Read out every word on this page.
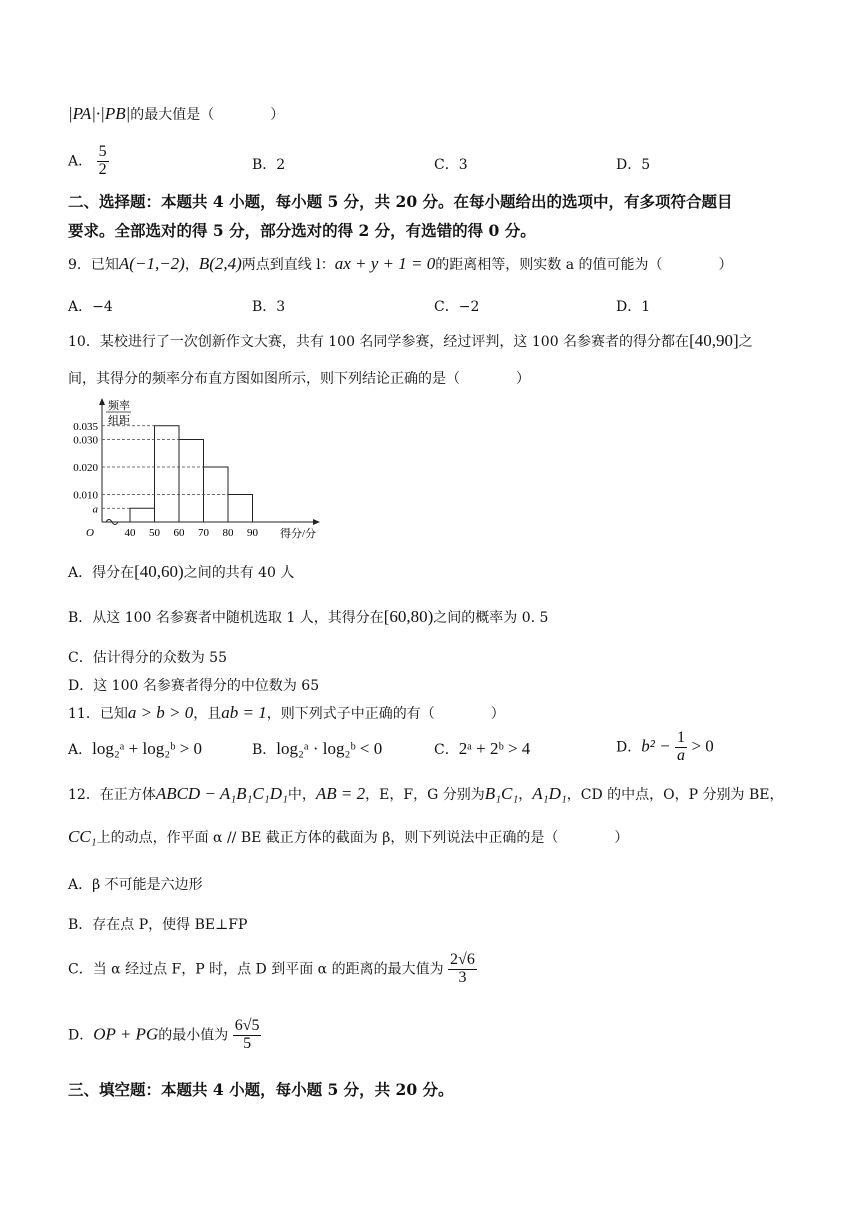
|PA|·|PB|的最大值是（　　　　）
A． $\frac{5}{2}$	B．2	C．3	D．5
二、选择题：本题共 4 小题，每小题 5 分，共 20 分。在每小题给出的选项中，有多项符合题目
要求。全部选对的得 5 分，部分选对的得 2 分，有选错的得 0 分。
9．已知A(−1,−2)，B(2,4)两点到直线 l：ax + y + 1 = 0的距离相等，则实数 a 的值可能为（　　　　）
A．−4	B．3	C．−2	D．1
10．某校进行了一次创新作文大赛，共有 100 名同学参赛，经过评判，这 100 名参赛者的得分都在[40,90]之
间，其得分的频率分布直方图如图所示，则下列结论正确的是（　　　　）
频率
组距
0.035
0.030
0.020
0.010
a
40 50 60 70 80 90
O	得分/分
A．得分在[40,60)之间的共有 40 人
B．从这 100 名参赛者中随机选取 1 人，其得分在[60,80)之间的概率为 0. 5
C．估计得分的众数为 55
D．这 100 名参赛者得分的中位数为 65
11．已知a > b > 0，且ab = 1，则下列式子中正确的有（　　　　）
A．log₂ᵃ + log₂ᵇ > 0	B．log₂ᵃ · log₂ᵇ < 0	C．2ᵃ + 2ᵇ > 4	D．$b^2 - \frac{1}{a} > 0$
12．在正方体ABCD − A₁B₁C₁D₁中，AB = 2，E，F，G 分别为B₁C₁，A₁D₁，CD 的中点，O，P 分别为 BE，
CC₁上的动点，作平面 α // BE 截正方体的截面为 β，则下列说法中正确的是（　　　　）
A．β 不可能是六边形
B．存在点 P，使得 BE⊥FP
C．当 α 经过点 F，P 时，点 D 到平面 α 的距离的最大值为 $\frac{2√6}{3}$
D．OP + PG的最小值为 $\frac{6√5}{5}$
三、填空题：本题共 4 小题，每小题 5 分，共 20 分。
